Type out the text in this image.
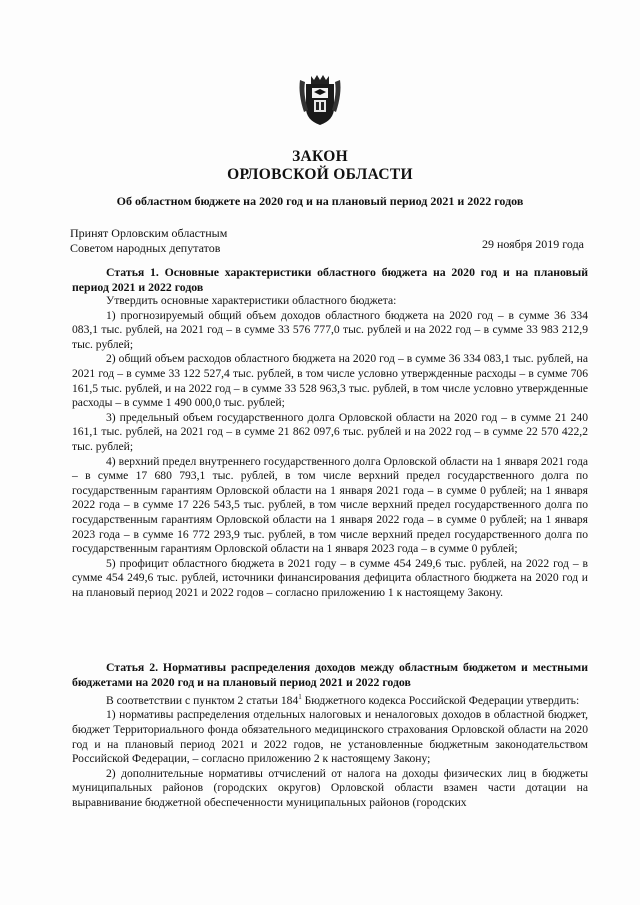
ЗАКОН
ОРЛОВСКОЙ ОБЛАСТИ
Об областном бюджете на 2020 год и на плановый период 2021 и 2022 годов
Принят Орловским областным
Советом народных депутатов	29 ноября 2019 года
Статья 1. Основные характеристики областного бюджета на 2020 год и на плановый период 2021 и 2022 годов

Утвердить основные характеристики областного бюджета:

1) прогнозируемый общий объем доходов областного бюджета на 2020 год – в сумме 36 334 083,1 тыс. рублей, на 2021 год – в сумме 33 576 777,0 тыс. рублей и на 2022 год – в сумме 33 983 212,9 тыс. рублей;

2) общий объем расходов областного бюджета на 2020 год – в сумме 36 334 083,1 тыс. рублей, на 2021 год – в сумме 33 122 527,4 тыс. рублей, в том числе условно утвержденные расходы – в сумме 706 161,5 тыс. рублей, и на 2022 год – в сумме 33 528 963,3 тыс. рублей, в том числе условно утвержденные расходы – в сумме 1 490 000,0 тыс. рублей;

3) предельный объем государственного долга Орловской области на 2020 год – в сумме 21 240 161,1 тыс. рублей, на 2021 год – в сумме 21 862 097,6 тыс. рублей и на 2022 год – в сумме 22 570 422,2 тыс. рублей;

4) верхний предел внутреннего государственного долга Орловской области на 1 января 2021 года – в сумме 17 680 793,1 тыс. рублей, в том числе верхний предел государственного долга по государственным гарантиям Орловской области на 1 января 2021 года – в сумме 0 рублей; на 1 января 2022 года – в сумме 17 226 543,5 тыс. рублей, в том числе верхний предел государственного долга по государственным гарантиям Орловской области на 1 января 2022 года – в сумме 0 рублей; на 1 января 2023 года – в сумме 16 772 293,9 тыс. рублей, в том числе верхний предел государственного долга по государственным гарантиям Орловской области на 1 января 2023 года – в сумме 0 рублей;

5) профицит областного бюджета в 2021 году – в сумме 454 249,6 тыс. рублей, на 2022 год – в сумме 454 249,6 тыс. рублей, источники финансирования дефицита областного бюджета на 2020 год и на плановый период 2021 и 2022 годов – согласно приложению 1 к настоящему Закону.

Статья 2. Нормативы распределения доходов между областным бюджетом и местными бюджетами на 2020 год и на плановый период 2021 и 2022 годов

В соответствии с пунктом 2 статьи $184^1$ Бюджетного кодекса Российской Федерации утвердить:

1) нормативы распределения отдельных налоговых и неналоговых доходов в областной бюджет, бюджет Территориального фонда обязательного медицинского страхования Орловской области на 2020 год и на плановый период 2021 и 2022 годов, не установленные бюджетным законодательством Российской Федерации, – согласно приложению 2 к настоящему Закону;

2) дополнительные нормативы отчислений от налога на доходы физических лиц в бюджеты муниципальных районов (городских округов) Орловской области взамен части дотации на выравнивание бюджетной обеспеченности муниципальных районов (городских
